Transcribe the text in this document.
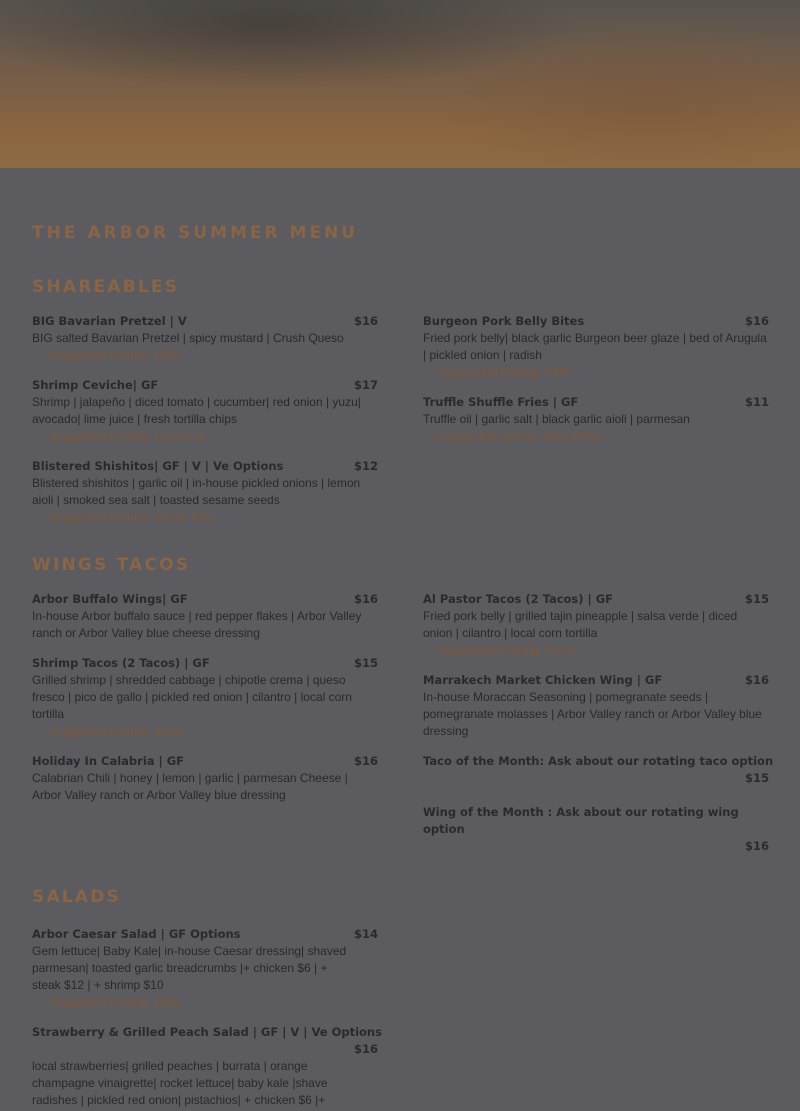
THE ARBOR SUMMER MENU
SHAREABLES
BIG Bavarian Pretzel | V	$16
BIG salted Bavarian Pretzel | spicy mustard | Crush Queso
/ Suggested Pairing: Pistil
Burgeon Pork Belly Bites	$16
Fried pork belly| black garlic Burgeon beer glaze | bed of Arugula | pickled onion | radish
/ Suggested Pairing: Pistil
Shrimp Ceviche| GF	$17
Shrimp | jalapeño | diced tomato | cucumber| red onion | yuzu| avocado| lime juice | fresh tortilla chips
/ Suggested Pairing: Treevana
Truffle Shuffle Fries | GF	$11
Truffle oil | garlic salt | black garlic aioli | parmesan
/ suggested pairing: Juice Press
Blistered Shishitos| GF | V | Ve Options	$12
Blistered shishitos | garlic oil | in-house pickled onions | lemon aioli | smoked sea salt | toasted sesame seeds
/ Suggested Pairing: Clever Kiwi
WINGS TACOS
Arbor Buffalo Wings| GF	$16
In-house Arbor buffalo sauce | red pepper flakes | Arbor Valley ranch or Arbor Valley blue cheese dressing
Al Pastor Tacos (2 Tacos) | GF	$15
Fried pork belly | grilled tajin pineapple | salsa verde | diced onion | cilantro | local corn tortilla
/ Suggested Pairing: Invita
Shrimp Tacos (2 Tacos) | GF	$15
Grilled shrimp | shredded cabbage | chipotle crema | queso fresco | pico de gallo | pickled red onion | cilantro | local corn tortilla
/ Suggested Pairing: Invita
Marrakech Market Chicken Wing | GF	$16
In-house Moraccan Seasoning | pomegranate seeds | pomegranate molasses | Arbor Valley ranch or Arbor Valley blue dressing
Holiday In Calabria | GF	$16
Calabrian Chili | honey | lemon | garlic | parmesan Cheese | Arbor Valley ranch or Arbor Valley blue dressing
Taco of the Month: Ask about our rotating taco option
$15
Wing of the Month : Ask about our rotating wing option
$16
SALADS
Arbor Caesar Salad | GF Options	$14
Gem lettuce| Baby Kale| in-house Caesar dressing| shaved parmesan| toasted garlic breadcrumbs |+ chicken $6 | + steak $12 | + shrimp $10
/ Suggested Pairing: Pistil
Strawberry & Grilled Peach Salad | GF | V | Ve Options
$16
local strawberries| grilled peaches | burrata | orange champagne vinaigrette| rocket lettuce| baby kale |shave radishes | pickled red onion| pistachios| + chicken $6 |+
